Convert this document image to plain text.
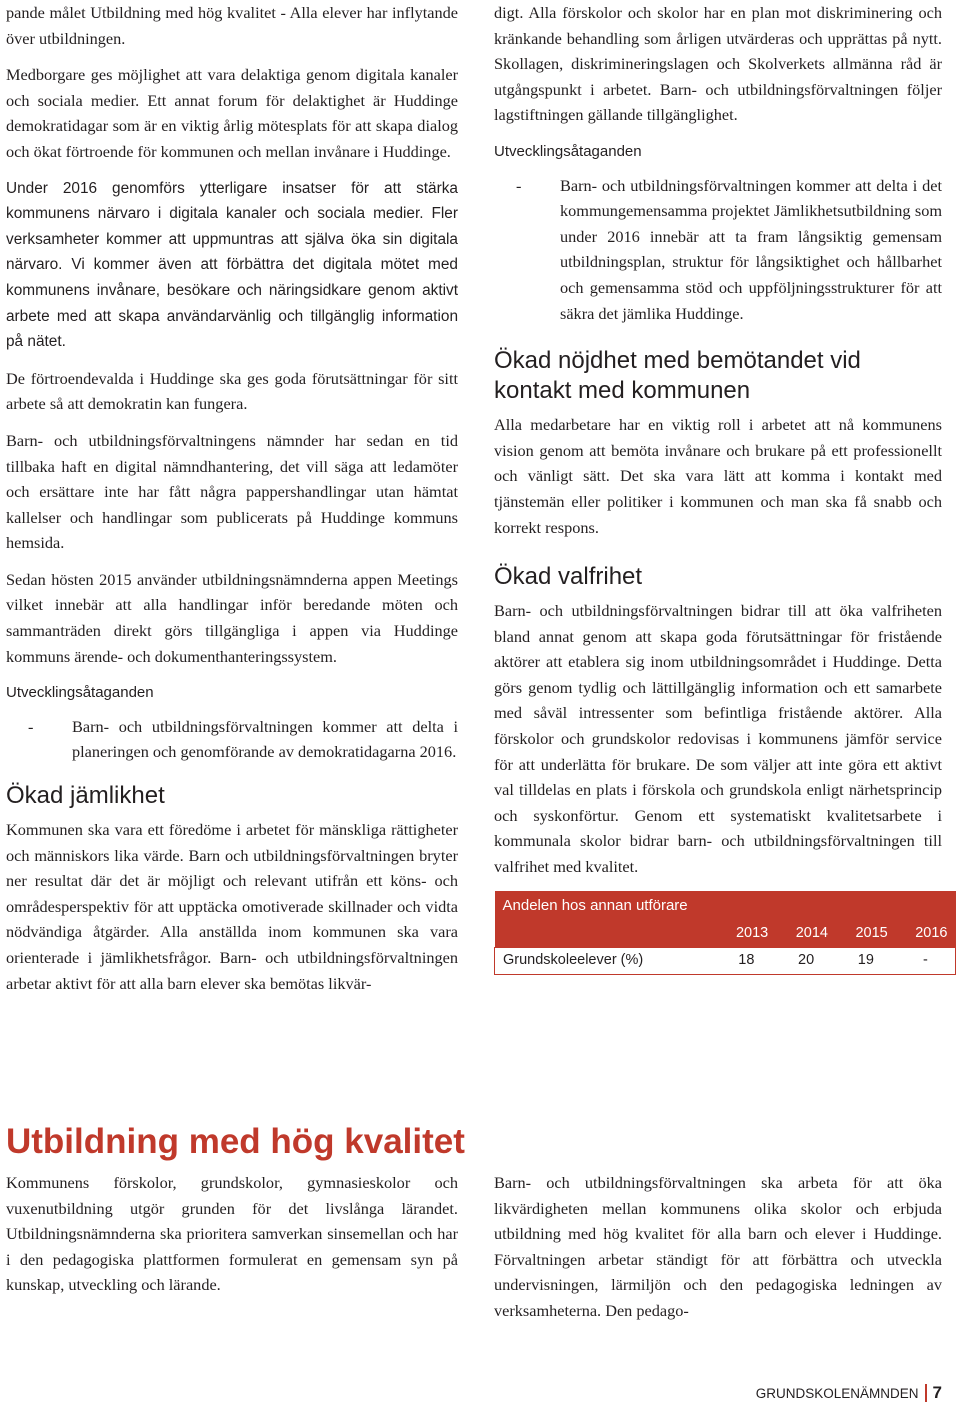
pande målet Utbildning med hög kvalitet - Alla elever har inflytande över utbildningen.

Medborgare ges möjlighet att vara delaktiga genom digitala kanaler och sociala medier. Ett annat forum för delaktighet är Huddinge demokratidagar som är en viktig årlig mötesplats för att skapa dialog och ökat förtroende för kommunen och mellan invånare i Huddinge.

Under 2016 genomförs ytterligare insatser för att stärka kommunens närvaro i digitala kanaler och sociala medier. Fler verksamheter kommer att uppmuntras att själva öka sin digitala närvaro. Vi kommer även att förbättra det digitala mötet med kommunens invånare, besökare och näringsidkare genom aktivt arbete med att skapa användarvänlig och tillgänglig information på nätet.

De förtroendevalda i Huddinge ska ges goda förutsättningar för sitt arbete så att demokratin kan fungera.

Barn- och utbildningsförvaltningens nämnder har sedan en tid tillbaka haft en digital nämndhantering, det vill säga att ledamöter och ersättare inte har fått några pappershandlingar utan hämtat kallelser och handlingar som publicerats på Huddinge kommuns hemsida.

Sedan hösten 2015 använder utbildningsnämnderna appen Meetings vilket innebär att alla handlingar inför beredande möten och sammanträden direkt görs tillgängliga i appen via Huddinge kommuns ärende- och dokumenthanteringssystem.

Utvecklingsåtaganden
-	Barn- och utbildningsförvaltningen kommer att delta i planeringen och genomförande av demokratidagarna 2016.
Ökad jämlikhet

Kommunen ska vara ett föredöme i arbetet för mänskliga rättigheter och människors lika värde. Barn och utbildningsförvaltningen bryter ner resultat där det är möjligt och relevant utifrån ett köns- och områdesperspektiv för att upptäcka omotiverade skillnader och vidta nödvändiga åtgärder. Alla anställda inom kommunen ska vara orienterade i jämlikhetsfrågor. Barn- och utbildningsförvaltningen arbetar aktivt för att alla barn elever ska bemötas likvär-

digt. Alla förskolor och skolor har en plan mot diskriminering och kränkande behandling som årligen utvärderas och upprättas på nytt. Skollagen, diskrimineringslagen och Skolverkets allmänna råd är utgångspunkt i arbetet. Barn- och utbildningsförvaltningen följer lagstiftningen gällande tillgänglighet.

Utvecklingsåtaganden
-	Barn- och utbildningsförvaltningen kommer att delta i det kommungemensamma projektet Jämlikhetsutbildning som under 2016 innebär att ta fram långsiktig gemensam utbildningsplan, struktur för långsiktighet och hållbarhet och gemensamma stöd och uppföljningsstrukturer för att säkra det jämlika Huddinge.
Ökad nöjdhet med bemötandet vid kontakt med kommunen

Alla medarbetare har en viktig roll i arbetet att nå kommunens vision genom att bemöta invånare och brukare på ett professionellt och vänligt sätt. Det ska vara lätt att komma i kontakt med tjänstemän eller politiker i kommunen och man ska få snabb och korrekt respons.

Ökad valfrihet

Barn- och utbildningsförvaltningen bidrar till att öka valfriheten bland annat genom att skapa goda förutsättningar för fristående aktörer att etablera sig inom utbildningsområdet i Huddinge. Detta görs genom tydlig och lättillgänglig information och ett samarbete med såväl intressenter som befintliga fristående aktörer. Alla förskolor och grundskolor redovisas i kommunens jämför service för att underlätta för brukare. De som väljer att inte göra ett aktivt val tilldelas en plats i förskola och grundskola enligt närhetsprincip och syskonförtur. Genom ett systematiskt kvalitetsarbete i kommunala skolor bidrar barn- och utbildningsförvaltningen till valfrihet med kvalitet.

Andelen hos annan utförare				
	2013	2014	2015	2016
Grundskoleelever (%)	18	20	19	-
Utbildning med hög kvalitet

Kommunens förskolor, grundskolor, gymnasieskolor och vuxenutbildning utgör grunden för det livslånga lärandet. Utbildningsnämnderna ska prioritera samverkan sinsemellan och har i den pedagogiska plattformen formulerat en gemensam syn på kunskap, utveckling och lärande.

Barn- och utbildningsförvaltningen ska arbeta för att öka likvärdigheten mellan kommunens olika skolor och erbjuda utbildning med hög kvalitet för alla barn och elever i Huddinge. Förvaltningen arbetar ständigt för att förbättra och utveckla undervisningen, lärmiljön och den pedagogiska ledningen av verksamheterna. Den pedago-

GRUNDSKOLENÄMNDEN 7
